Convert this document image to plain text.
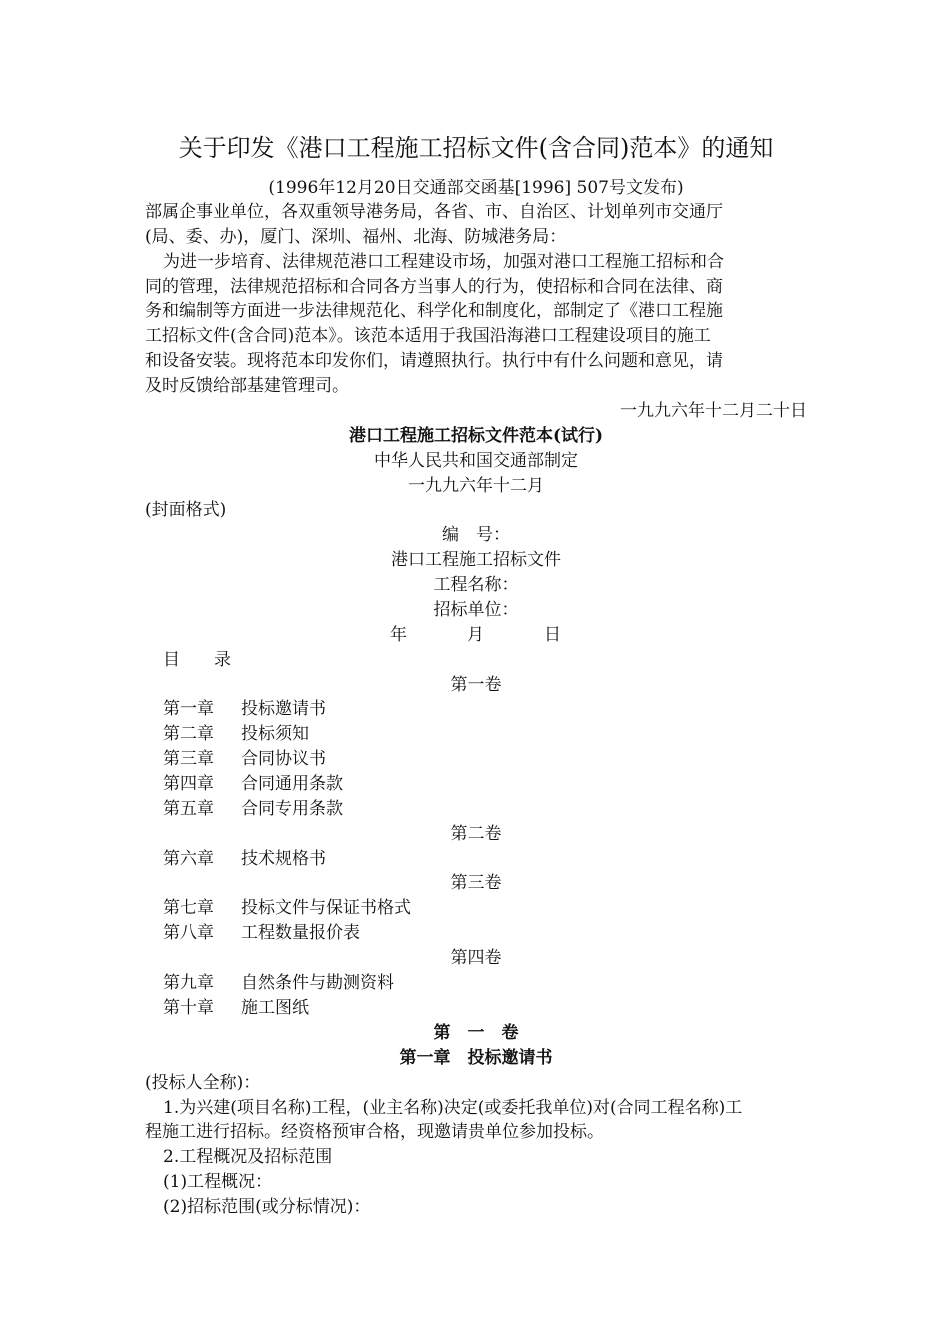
关于印发《港口工程施工招标文件(含合同)范本》的通知
(1996年12月20日交通部交函基[1996] 507号文发布)
部属企事业单位，各双重领导港务局，各省、市、自治区、计划单列市交通厅
(局、委、办)，厦门、深圳、福州、北海、防城港务局：
为进一步培育、法律规范港口工程建设市场，加强对港口工程施工招标和合
同的管理，法律规范招标和合同各方当事人的行为，使招标和合同在法律、商
务和编制等方面进一步法律规范化、科学化和制度化，部制定了《港口工程施
工招标文件(含合同)范本》。该范本适用于我国沿海港口工程建设项目的施工
和设备安装。现将范本印发你们，请遵照执行。执行中有什么问题和意见，请
及时反馈给部基建管理司。
一九九六年十二月二十日
港口工程施工招标文件范本(试行)
中华人民共和国交通部制定
一九九六年十二月
(封面格式)
编　号：
港口工程施工招标文件
工程名称：
招标单位：
年	月	日
目　　录
第一卷
第一章 投标邀请书
第二章 投标须知
第三章 合同协议书
第四章 合同通用条款
第五章 合同专用条款
第二卷
第六章 技术规格书
第三卷
第七章 投标文件与保证书格式
第八章 工程数量报价表
第四卷
第九章 自然条件与勘测资料
第十章 施工图纸
第　一　卷
第一章　投标邀请书
(投标人全称)：
1.为兴建(项目名称)工程，(业主名称)决定(或委托我单位)对(合同工程名称)工
程施工进行招标。经资格预审合格，现邀请贵单位参加投标。
2.工程概况及招标范围
(1)工程概况：
(2)招标范围(或分标情况)：
